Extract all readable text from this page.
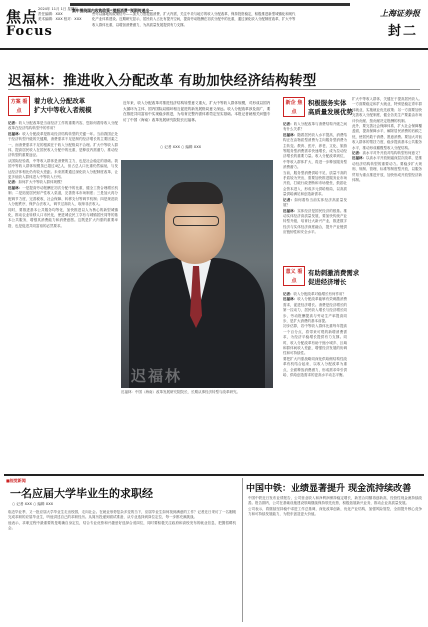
焦点
Focus
2024年 11月 1日 星期五
责任编辑：XXX
美术编辑：XXX 校对：XXX
集中围绕国内收购政策“提振消费”预期传递出一
些可以落地的政策信号——加大力度提振消费、扩大内需，关注中央与地方的收入分配改革，保持投资稳定，积极推进新型城镇化和现代化产业体系建设。近期研究显示，居民收入占比有提升空间，提高劳动报酬在初次分配中的比重，通过深化收入分配制度改革，扩大中等收入群体比重，以增加消费潜力，为高质量发展提供有力支撑。
上海证券报
封二
迟福林：推进收入分配改革 有助加快经济结构转型
方案 看点
着力收入分配改革
扩大中等收入者规模
近年来，收入分配改革对推进经济结构转型意义重大，扩大中等收入群体规模，对形成以国内大循环为主体、国内国际双循环相互促进的新发展格局意义深远。收入分配改革涉及面广，要在推进共同富裕中实现稳步推进，为培育完整内需体系奠定坚实基础。本报记者就相关问题专访了中国（海南）改革发展研究院院长迟福林。
○ 记者 XXX ○ 编辑 XXX
新企 焦点
积极服务实体
高质量发展优势

记者：收入分配改革是当前经济工作的重要内容，您如何看待收入分配改革在经济结构转型中的作用？

迟福林：收入分配改革是推动经济结构转型的关键一环。当前我国正处于经济转型升级的关键期，消费需求不足是制约经济增长的主要因素之一，而消费需求不足的根源在于收入分配格局不合理。扩大中等收入群体，提高居民收入在国民收入分配中的比重，是释放内需潜力、推动经济转型的重要途径。

从国际经验看，中等收入群体是消费的主力，也是社会稳定的基础。我国中等收入群体规模虽已超过4亿人，但占总人口比重仍然偏低，与发达经济体相比仍有较大差距。未来需要通过深化收入分配制度改革，让更多低收入群体进入中等收入行列。

记者：如何扩大中等收入群体规模？

迟福林：一是提高劳动报酬在初次分配中的比重，健全工资合理增长机制；二是拓宽居民财产性收入渠道，完善资本市场制度；三是加大再分配调节力度，完善税收、社会保障、转移支付等调节机制；四是规范收入分配秩序，保护合法收入，调节过高收入，取缔非法收入。

同时，要推进基本公共服务均等化，加快推进以人为核心的新型城镇化，推动农业转移人口市民化，使进城农民工享有与城镇居民同等的基本公共服务，增强其消费能力和消费意愿。这既是扩大内需的重要举措，也是促进共同富裕的必然要求。

迟福林
迟福林：中国（海南）改革发展研究院院长，长期从事经济转型与改革研究。

记者：收入分配改革与消费结构升级之间有什么关系？

迟福林：随着居民收入水平提高，消费结构正在由物质型消费为主向服务型消费为主转变。教育、医疗、养老、文化、旅游等服务型消费需求快速增长，成为拉动经济增长的重要力量。收入分配改革到位，中等收入群体扩大，将进一步释放服务型消费潜力。

当前，服务型消费供给不足、质量不高的矛盾较为突出，需要加快推进服务业市场开放，打破行政垄断和市场壁垒，鼓励社会资本进入，形成多元供给格局，以高质量供给满足和创造新需求。

记者：如何看待当前实体经济高质量发展？

迟福林：实体经济是国民经济的根基。推动实体经济高质量发展，要加快传统产业转型升级，培育壮大新兴产业，推进数字经济与实体经济深度融合，提升产业链供应链韧性和安全水平。

扩大中等收入群体，关键在于提高居民收入。一方面要稳定和扩大就业，特别是稳定青年群体就业，实施就业优先政策；另一方面要加快完善收入分配制度，健全各类生产要素由市场评价贡献、按贡献决定报酬的机制。

此外，要完善社会保障体系，扩大社会保障覆盖面，提高保障水平，解除居民消费的后顾之忧，使居民敢于消费、愿意消费。要加大对低收入群体的帮扶力度，稳步提高基本公共服务水平，推动形成橄榄型收入分配结构。

记者：高水平对外开放对结构转型有何意义？

迟福林：以高水平开放倒逼深层次改革，是推动经济结构转型的重要动力。要稳步扩大规则、规制、管理、标准等制度型开放，以服务贸易为重点推进开放，加快形成开放型经济新体制。

意义 看点
有助刺激消费需求
促进经济增长

记者：收入分配改革对稳增长有何作用？

迟福林：收入分配改革能够有效刺激消费需求，促进经济增长。消费是经济增长的第一拉动力，居民收入增长与经济增长同步、劳动报酬提高与劳动生产率提高同步，是扩大消费的基本前提。

初步估算，若中等收入群体比重每年提高一个百分点，将带来可观的新增消费需求，为经济平稳增长提供有力支撑。同时，收入分配改革有助于缩小城乡、区域和群体间收入差距，增强经济发展的协调性和可持续性。

要把扩大内需战略同深化供给侧结构性改革有机结合起来，以收入分配改革为重点，全面释放消费潜力，形成需求牵引供给、供给创造需求的更高水平动态平衡。

■视觉新闻
一名应届大学毕业生的求职经
○ 记者 XXX ○ 编辑 XXX

临近毕业季，又一批应届大学毕业生走出校园，走向社会。在就业形势复杂多变的当下，应届毕业生如何找到满意的工作？记者近日采访了一名刚刚完成求职的应届毕业生，听他讲述自己的求职经历。从简历投递到面试准备，从专业选择到岗位定位，每一步都充满挑战。

他表示，求职过程中最重要的是明确自身定位，结合专业优势和兴趣爱好选择合适岗位，同时要积极关注政府和高校发布的就业信息，把握招聘机会。

中国中铁：业绩显著提升 现金流持续改善

中国中铁近日发布业绩报告，公司营业收入和净利润保持稳定增长，新签合同额再创新高，经营性现金流持续改善。报告期内，公司在基础设施建设领域继续保持领先优势，积极拓展新兴业务，推动企业高质量发展。

公司表示，将继续坚持稳中求进工作总基调，深化改革创新，优化产业结构，加强风险管控，全面提升核心竞争力和可持续发展能力，为股东创造更大价值。
